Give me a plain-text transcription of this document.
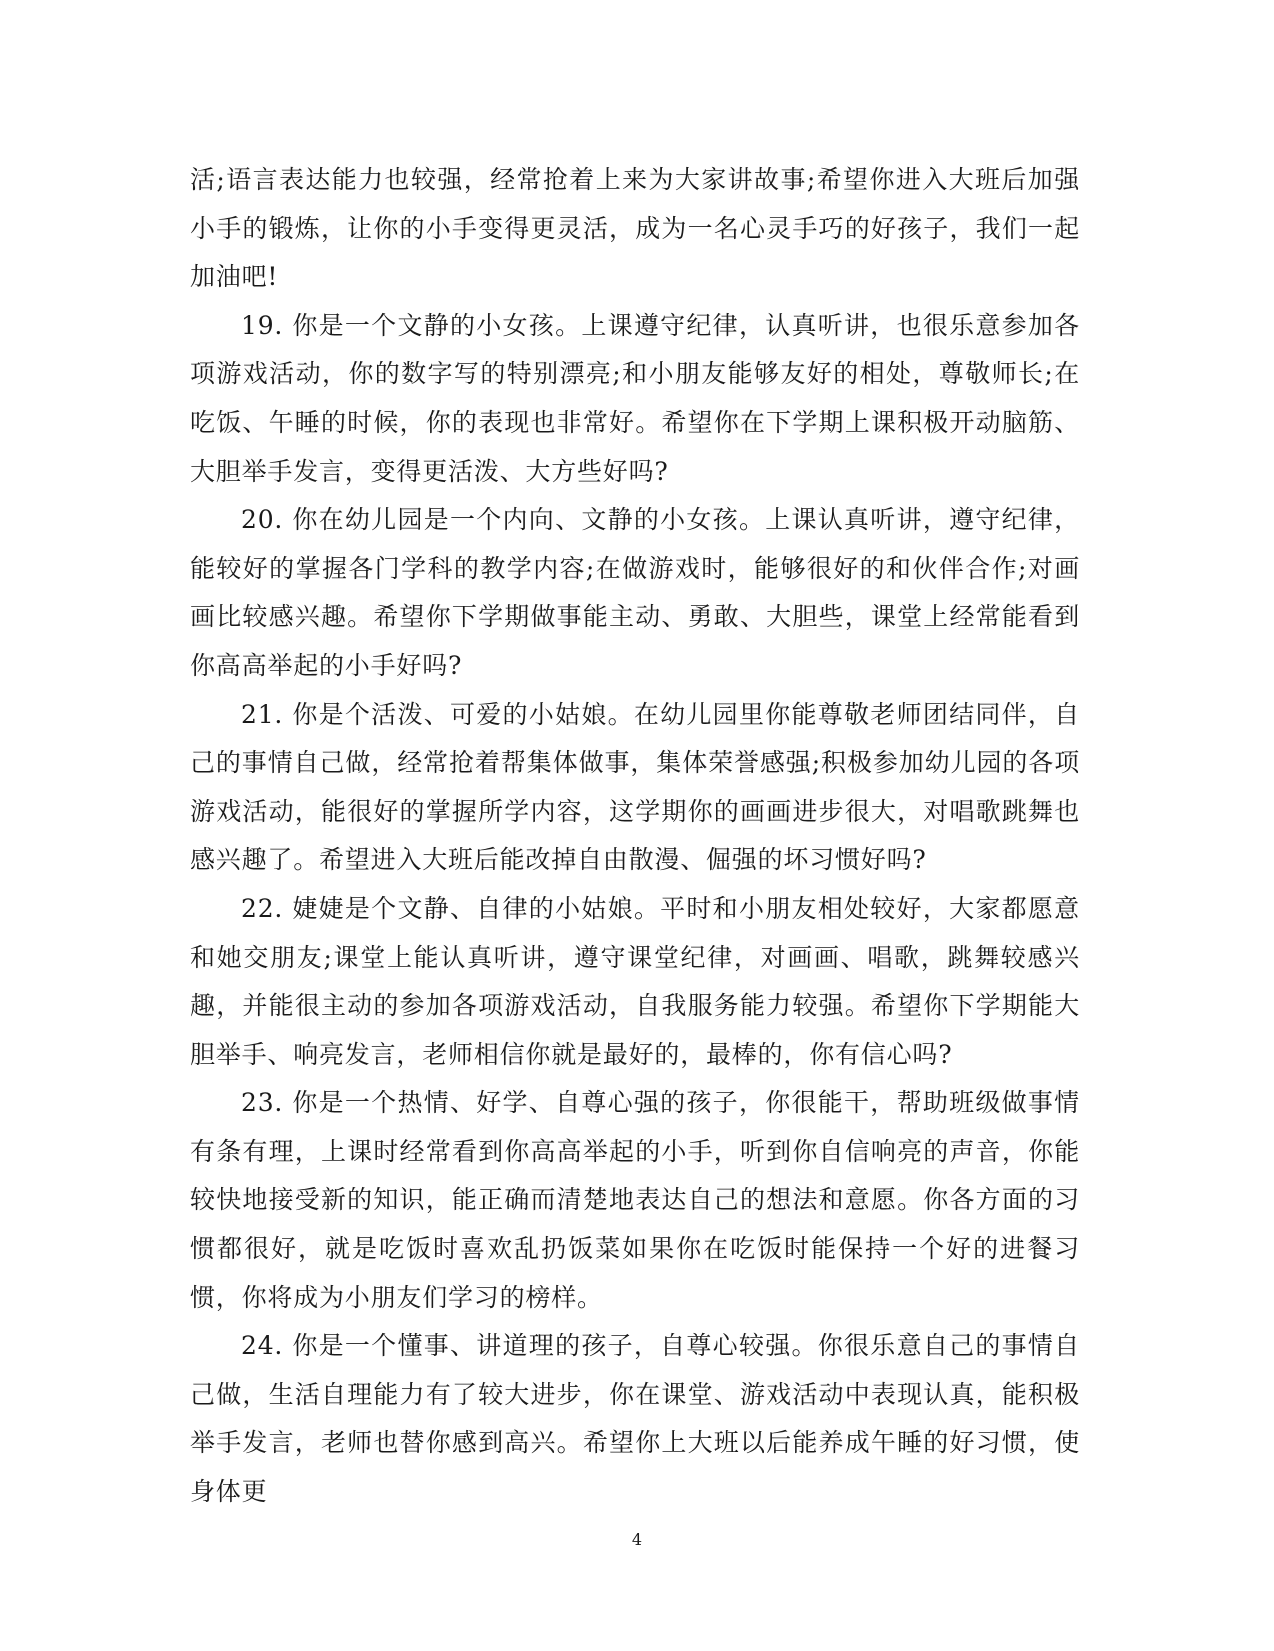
活;语言表达能力也较强，经常抢着上来为大家讲故事;希望你进入大班后加强小手的锻炼，让你的小手变得更灵活，成为一名心灵手巧的好孩子，我们一起加油吧!

19. 你是一个文静的小女孩。上课遵守纪律，认真听讲，也很乐意参加各项游戏活动，你的数字写的特别漂亮;和小朋友能够友好的相处，尊敬师长;在吃饭、午睡的时候，你的表现也非常好。希望你在下学期上课积极开动脑筋、大胆举手发言，变得更活泼、大方些好吗?

20. 你在幼儿园是一个内向、文静的小女孩。上课认真听讲，遵守纪律，能较好的掌握各门学科的教学内容;在做游戏时，能够很好的和伙伴合作;对画画比较感兴趣。希望你下学期做事能主动、勇敢、大胆些，课堂上经常能看到你高高举起的小手好吗?

21. 你是个活泼、可爱的小姑娘。在幼儿园里你能尊敬老师团结同伴，自己的事情自己做，经常抢着帮集体做事，集体荣誉感强;积极参加幼儿园的各项游戏活动，能很好的掌握所学内容，这学期你的画画进步很大，对唱歌跳舞也感兴趣了。希望进入大班后能改掉自由散漫、倔强的坏习惯好吗?

22. 婕婕是个文静、自律的小姑娘。平时和小朋友相处较好，大家都愿意和她交朋友;课堂上能认真听讲，遵守课堂纪律，对画画、唱歌，跳舞较感兴趣，并能很主动的参加各项游戏活动，自我服务能力较强。希望你下学期能大胆举手、响亮发言，老师相信你就是最好的，最棒的，你有信心吗?

23. 你是一个热情、好学、自尊心强的孩子，你很能干，帮助班级做事情有条有理，上课时经常看到你高高举起的小手，听到你自信响亮的声音，你能较快地接受新的知识，能正确而清楚地表达自己的想法和意愿。你各方面的习惯都很好，就是吃饭时喜欢乱扔饭菜如果你在吃饭时能保持一个好的进餐习惯，你将成为小朋友们学习的榜样。

24. 你是一个懂事、讲道理的孩子，自尊心较强。你很乐意自己的事情自己做，生活自理能力有了较大进步，你在课堂、游戏活动中表现认真，能积极举手发言，老师也替你感到高兴。希望你上大班以后能养成午睡的好习惯，使身体更

4
